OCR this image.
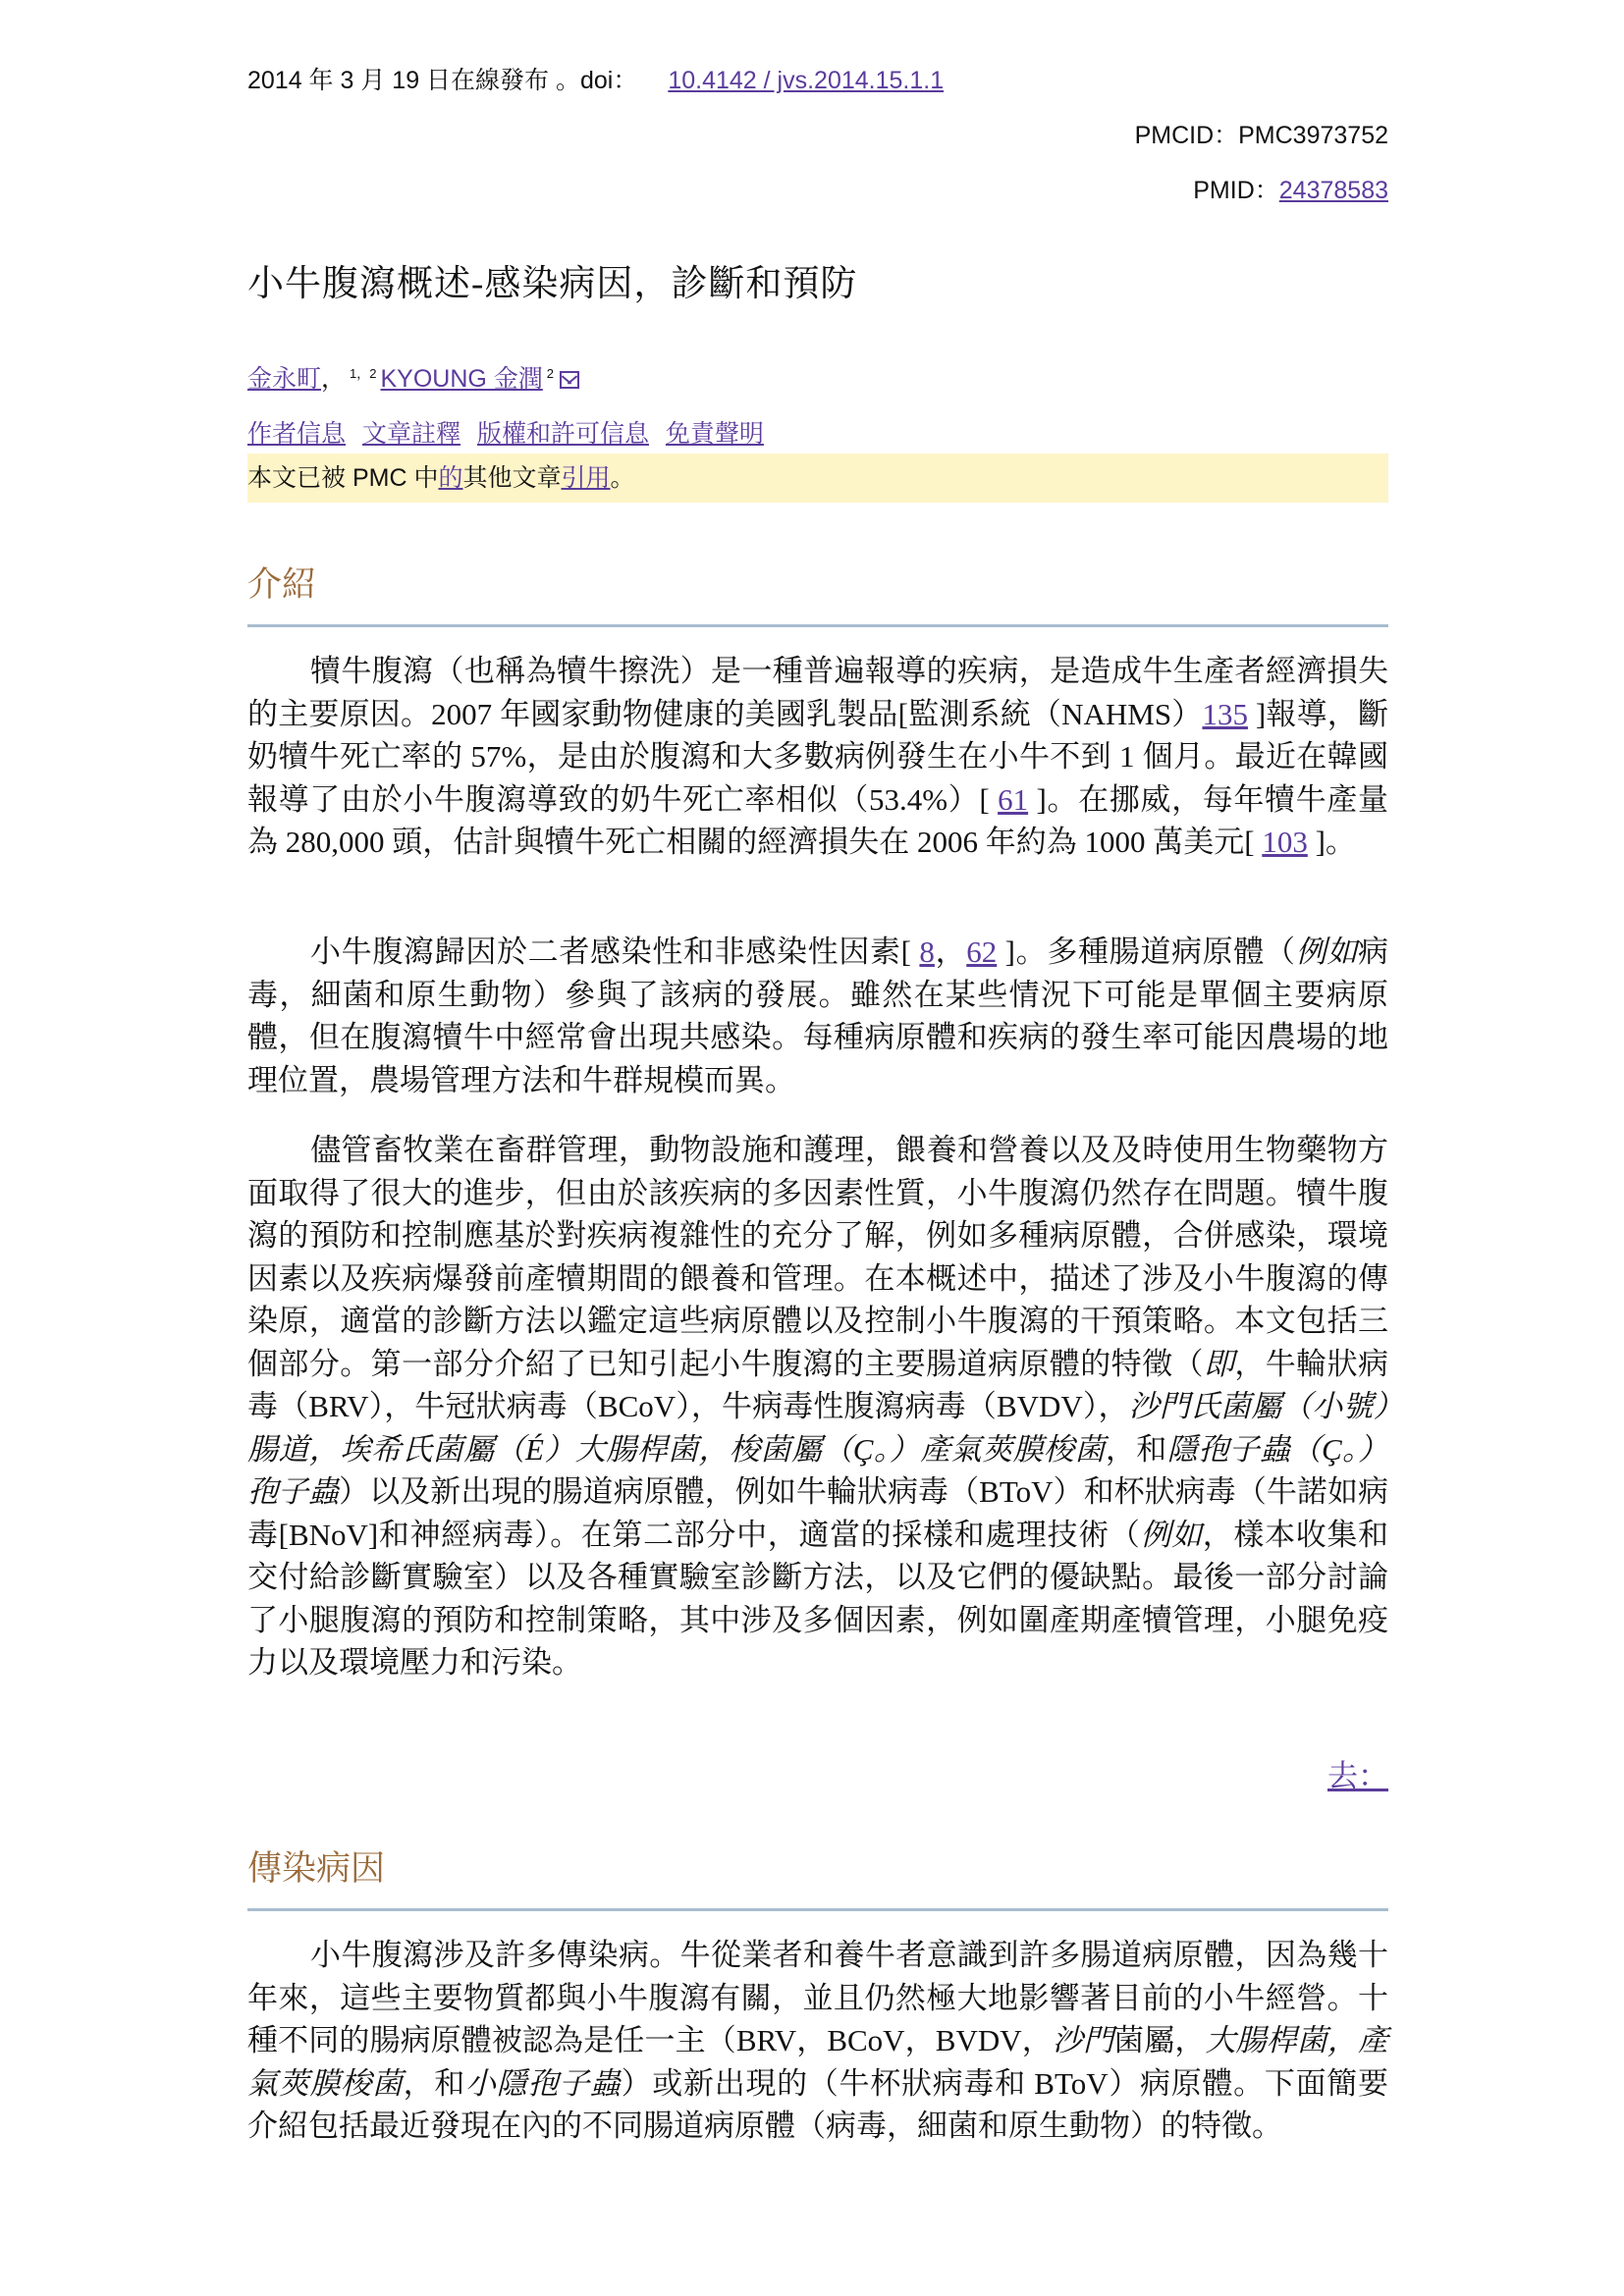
2014 年 3 月 19 日在線發布 。doi： 10.4142 / jvs.2014.15.1.1
PMCID：PMC3973752
PMID：24378583
小牛腹瀉概述-感染病因，診斷和預防
金永町， $^{1,2}$ KYOUNG 金潤 $^2$
作者信息 文章註釋 版權和許可信息 免責聲明
本文已被 PMC 中的其他文章引用。
介紹

犢牛腹瀉（也稱為犢牛擦洗）是一種普遍報導的疾病，是造成牛生產者經濟損失的主要原因。2007 年國家動物健康的美國乳製品[監測系統（NAHMS）135 ]報導，斷奶犢牛死亡率的 57%，是由於腹瀉和大多數病例發生在小牛不到 1 個月。最近在韓國報導了由於小牛腹瀉導致的奶牛死亡率相似（53.4%）[ 61 ]。在挪威，每年犢牛產量為 280,000 頭，估計與犢牛死亡相關的經濟損失在 2006 年約為 1000 萬美元[ 103 ]。

小牛腹瀉歸因於二者感染性和非感染性因素[ 8，62 ]。多種腸道病原體（例如病毒，細菌和原生動物）參與了該病的發展。雖然在某些情況下可能是單個主要病原體，但在腹瀉犢牛中經常會出現共感染。每種病原體和疾病的發生率可能因農場的地理位置，農場管理方法和牛群規模而異。

儘管畜牧業在畜群管理，動物設施和護理，餵養和營養以及及時使用生物藥物方面取得了很大的進步，但由於該疾病的多因素性質，小牛腹瀉仍然存在問題。犢牛腹瀉的預防和控制應基於對疾病複雜性的充分了解，例如多種病原體，合併感染，環境因素以及疾病爆發前產犢期間的餵養和管理。在本概述中，描述了涉及小牛腹瀉的傳染原，適當的診斷方法以鑑定這些病原體以及控制小牛腹瀉的干預策略。本文包括三個部分。第一部分介紹了已知引起小牛腹瀉的主要腸道病原體的特徵（即，牛輪狀病毒（BRV），牛冠狀病毒（BCoV），牛病毒性腹瀉病毒（BVDV），沙門氏菌屬（小號）腸道，埃希氏菌屬（É）大腸桿菌，梭菌屬（Ç。）產氣莢膜梭菌，和隱孢子蟲（Ç。）孢子蟲）以及新出現的腸道病原體，例如牛輪狀病毒（BToV）和杯狀病毒（牛諾如病毒[BNoV]和神經病毒）。在第二部分中，適當的採樣和處理技術（例如，樣本收集和交付給診斷實驗室）以及各種實驗室診斷方法，以及它們的優缺點。最後一部分討論了小腿腹瀉的預防和控制策略，其中涉及多個因素，例如圍產期產犢管理，小腿免疫力以及環境壓力和污染。

去：
傳染病因

小牛腹瀉涉及許多傳染病。牛從業者和養牛者意識到許多腸道病原體，因為幾十年來，這些主要物質都與小牛腹瀉有關，並且仍然極大地影響著目前的小牛經營。十種不同的腸病原體被認為是任一主（BRV，BCoV，BVDV，沙門菌屬，大腸桿菌，產氣莢膜梭菌，和小隱孢子蟲）或新出現的（牛杯狀病毒和 BToV）病原體。下面簡要介紹包括最近發現在內的不同腸道病原體（病毒，細菌和原生動物）的特徵。
